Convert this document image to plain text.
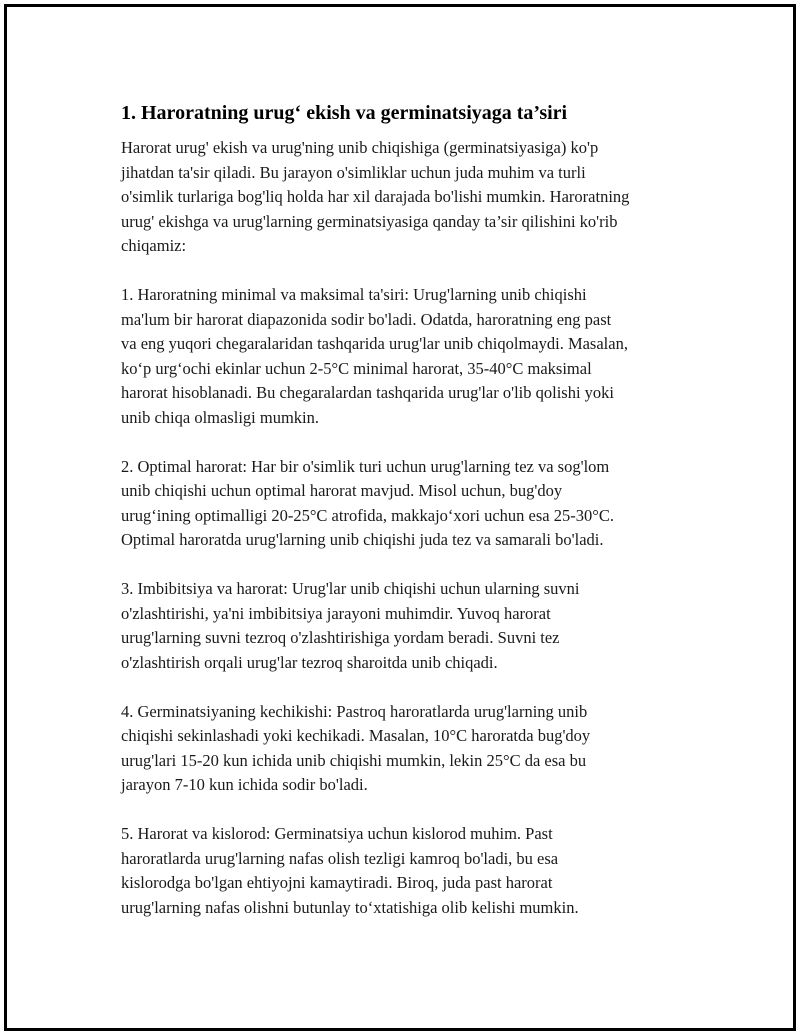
1. Haroratning urug‘ ekish va germinatsiyaga ta’siri

Harorat urug' ekish va urug'ning unib chiqishiga (germinatsiyasiga) ko'p
jihatdan ta'sir qiladi. Bu jarayon o'simliklar uchun juda muhim va turli
o'simlik turlariga bog'liq holda har xil darajada bo'lishi mumkin. Haroratning
urug' ekishga va urug'larning germinatsiyasiga qanday ta’sir qilishini ko'rib
chiqamiz:

1. Haroratning minimal va maksimal ta'siri: Urug'larning unib chiqishi
ma'lum bir harorat diapazonida sodir bo'ladi. Odatda, haroratning eng past
va eng yuqori chegaralaridan tashqarida urug'lar unib chiqolmaydi. Masalan,
ko‘p urg‘ochi ekinlar uchun 2-5°C minimal harorat, 35-40°C maksimal
harorat hisoblanadi. Bu chegaralardan tashqarida urug'lar o'lib qolishi yoki
unib chiqa olmasligi mumkin.

2. Optimal harorat: Har bir o'simlik turi uchun urug'larning tez va sog'lom
unib chiqishi uchun optimal harorat mavjud. Misol uchun, bug'doy
urug‘ining optimalligi 20-25°C atrofida, makkajo‘xori uchun esa 25-30°C.
Optimal haroratda urug'larning unib chiqishi juda tez va samarali bo'ladi.

3. Imbibitsiya va harorat: Urug'lar unib chiqishi uchun ularning suvni
o'zlashtirishi, ya'ni imbibitsiya jarayoni muhimdir. Yuvoq harorat
urug'larning suvni tezroq o'zlashtirishiga yordam beradi. Suvni tez
o'zlashtirish orqali urug'lar tezroq sharoitda unib chiqadi.

4. Germinatsiyaning kechikishi: Pastroq haroratlarda urug'larning unib
chiqishi sekinlashadi yoki kechikadi. Masalan, 10°C haroratda bug'doy
urug'lari 15-20 kun ichida unib chiqishi mumkin, lekin 25°C da esa bu
jarayon 7-10 kun ichida sodir bo'ladi.

5. Harorat va kislorod: Germinatsiya uchun kislorod muhim. Past
haroratlarda urug'larning nafas olish tezligi kamroq bo'ladi, bu esa
kislorodga bo'lgan ehtiyojni kamaytiradi. Biroq, juda past harorat
urug'larning nafas olishni butunlay to‘xtatishiga olib kelishi mumkin.
